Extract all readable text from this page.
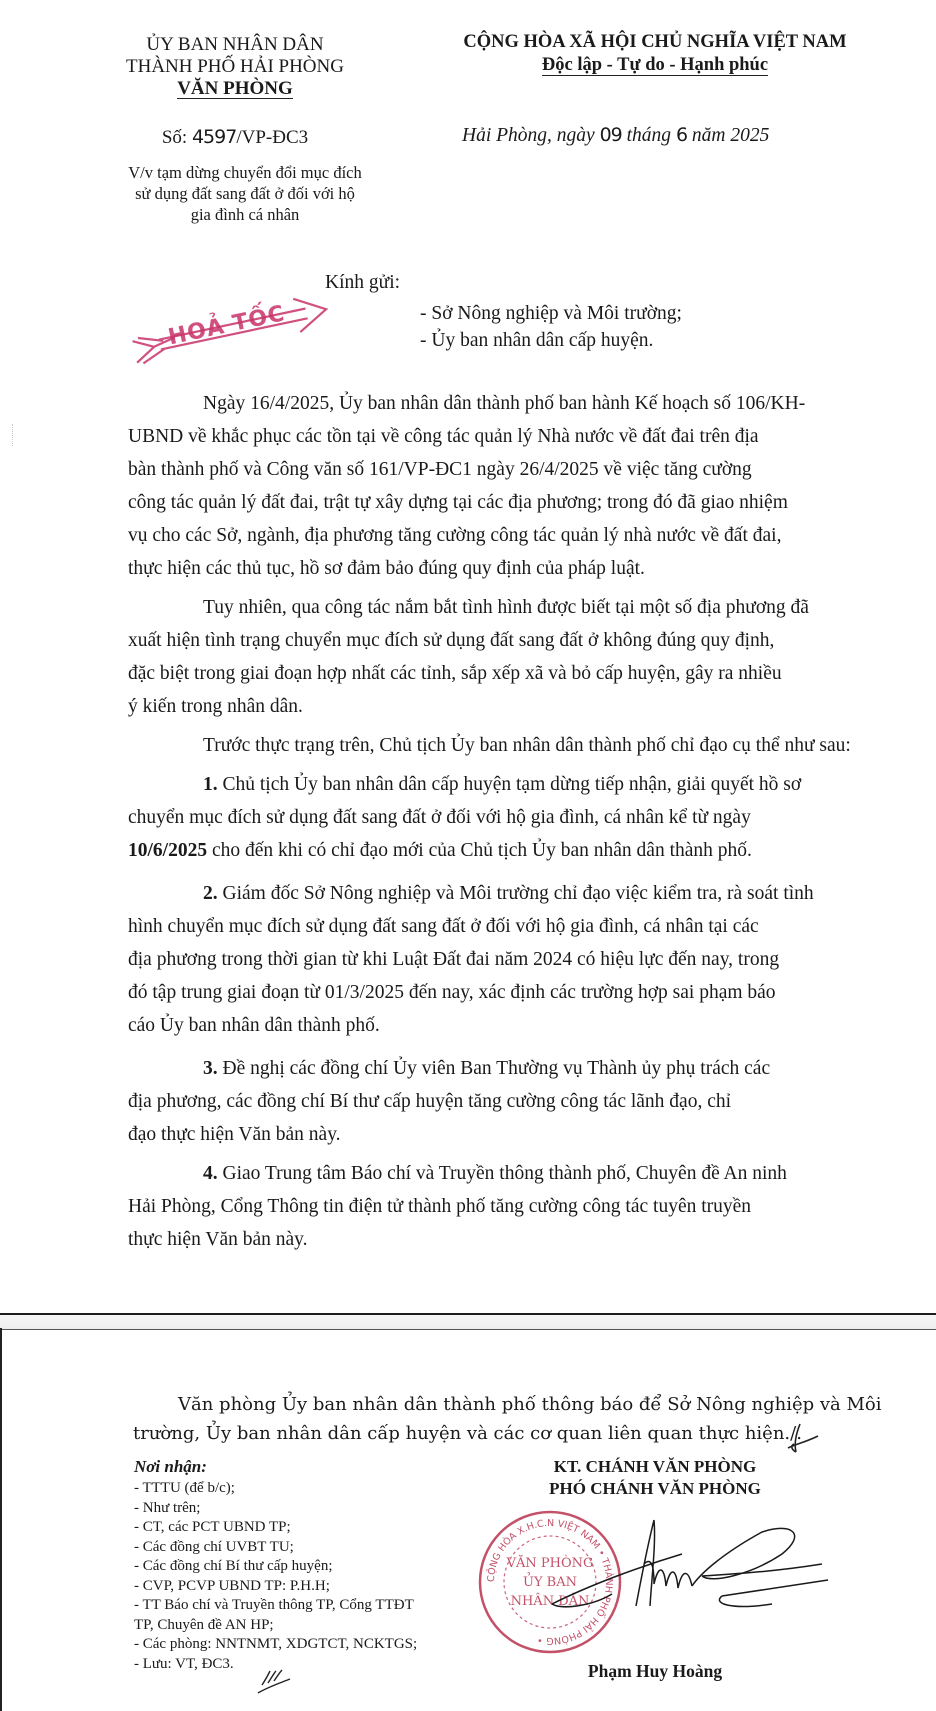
ỦY BAN NHÂN DÂN
THÀNH PHỐ HẢI PHÒNG
VĂN PHÒNG
Số: 4597/VP-ĐC3
V/v tạm dừng chuyển đổi mục đích
sử dụng đất sang đất ở đối với hộ
gia đình cá nhân
CỘNG HÒA XÃ HỘI CHỦ NGHĨA VIỆT NAM
Độc lập - Tự do - Hạnh phúc
Hải Phòng, ngày 09 tháng 6 năm 2025
Kính gửi:
- Sở Nông nghiệp và Môi trường;
- Ủy ban nhân dân cấp huyện.
HOẢ TỐC
Ngày 16/4/2025, Ủy ban nhân dân thành phố ban hành Kế hoạch số 106/KH-
UBND về khắc phục các tồn tại về công tác quản lý Nhà nước về đất đai trên địa
bàn thành phố và Công văn số 161/VP-ĐC1 ngày 26/4/2025 về việc tăng cường
công tác quản lý đất đai, trật tự xây dựng tại các địa phương; trong đó đã giao nhiệm
vụ cho các Sở, ngành, địa phương tăng cường công tác quản lý nhà nước về đất đai,
thực hiện các thủ tục, hồ sơ đảm bảo đúng quy định của pháp luật.
Tuy nhiên, qua công tác nắm bắt tình hình được biết tại một số địa phương đã
xuất hiện tình trạng chuyển mục đích sử dụng đất sang đất ở không đúng quy định,
đặc biệt trong giai đoạn hợp nhất các tỉnh, sắp xếp xã và bỏ cấp huyện, gây ra nhiều
ý kiến trong nhân dân.
Trước thực trạng trên, Chủ tịch Ủy ban nhân dân thành phố chỉ đạo cụ thể như sau:
1. Chủ tịch Ủy ban nhân dân cấp huyện tạm dừng tiếp nhận, giải quyết hồ sơ
chuyển mục đích sử dụng đất sang đất ở đối với hộ gia đình, cá nhân kể từ ngày
10/6/2025 cho đến khi có chỉ đạo mới của Chủ tịch Ủy ban nhân dân thành phố.
2. Giám đốc Sở Nông nghiệp và Môi trường chỉ đạo việc kiểm tra, rà soát tình
hình chuyển mục đích sử dụng đất sang đất ở đối với hộ gia đình, cá nhân tại các
địa phương trong thời gian từ khi Luật Đất đai năm 2024 có hiệu lực đến nay, trong
đó tập trung giai đoạn từ 01/3/2025 đến nay, xác định các trường hợp sai phạm báo
cáo Ủy ban nhân dân thành phố.
3. Đề nghị các đồng chí Ủy viên Ban Thường vụ Thành ủy phụ trách các
địa phương, các đồng chí Bí thư cấp huyện tăng cường công tác lãnh đạo, chỉ
đạo thực hiện Văn bản này.
4. Giao Trung tâm Báo chí và Truyền thông thành phố, Chuyên đề An ninh
Hải Phòng, Cổng Thông tin điện tử thành phố tăng cường công tác tuyên truyền
thực hiện Văn bản này.
Văn phòng Ủy ban nhân dân thành phố thông báo để Sở Nông nghiệp và Môi
trường, Ủy ban nhân dân cấp huyện và các cơ quan liên quan thực hiện./.
Nơi nhận:
- TTTU (để b/c);
- Như trên;
- CT, các PCT UBND TP;
- Các đồng chí UVBT TU;
- Các đồng chí Bí thư cấp huyện;
- CVP, PCVP UBND TP: P.H.H;
- TT Báo chí và Truyền thông TP, Cổng TTĐT
TP, Chuyên đề AN HP;
- Các phòng: NNTNMT, XDGTCT, NCKTGS;
- Lưu: VT, ĐC3.
KT. CHÁNH VĂN PHÒNG
PHÓ CHÁNH VĂN PHÒNG
CỘNG HÒA X.H.C.N VIỆT NAM • THÀNH PHỐ HẢI PHÒNG •
VĂN PHÒNG
ỦY BAN
NHÂN DÂN
Phạm Huy Hoàng
